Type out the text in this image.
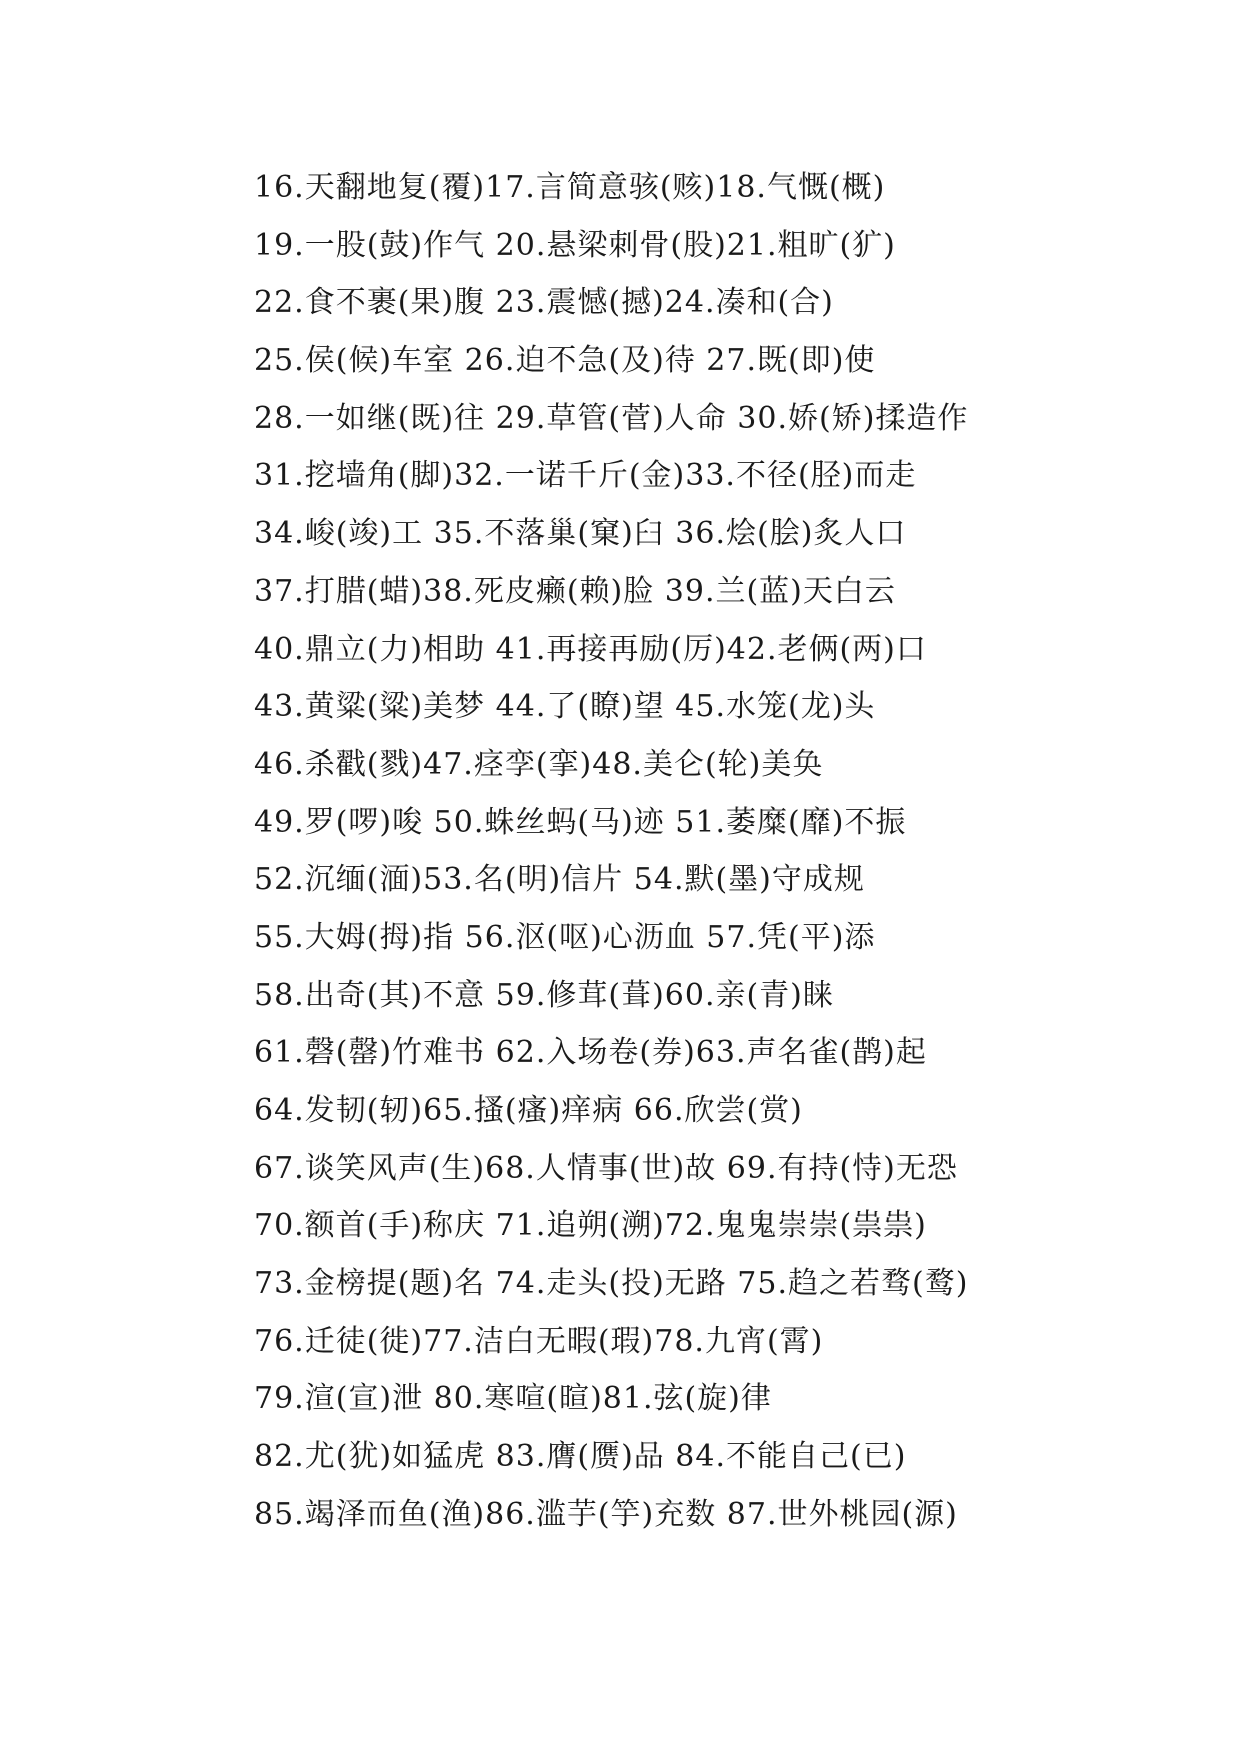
16.天翻地复(覆)17.言简意骇(赅)18.气慨(概)
19.一股(鼓)作气 20.悬梁刺骨(股)21.粗旷(犷)
22.食不裹(果)腹 23.震憾(撼)24.凑和(合)
25.侯(候)车室 26.迫不急(及)待 27.既(即)使
28.一如继(既)往 29.草管(菅)人命 30.娇(矫)揉造作
31.挖墙角(脚)32.一诺千斤(金)33.不径(胫)而走
34.峻(竣)工 35.不落巢(窠)臼 36.烩(脍)炙人口
37.打腊(蜡)38.死皮癞(赖)脸 39.兰(蓝)天白云
40.鼎立(力)相助 41.再接再励(厉)42.老俩(两)口
43.黄粱(粱)美梦 44.了(瞭)望 45.水笼(龙)头
46.杀戳(戮)47.痉孪(挛)48.美仑(轮)美奂
49.罗(啰)唆 50.蛛丝蚂(马)迹 51.萎糜(靡)不振
52.沉缅(湎)53.名(明)信片 54.默(墨)守成规
55.大姆(拇)指 56.沤(呕)心沥血 57.凭(平)添
58.出奇(其)不意 59.修茸(葺)60.亲(青)睐
61.磬(罄)竹难书 62.入场卷(券)63.声名雀(鹊)起
64.发韧(轫)65.搔(瘙)痒病 66.欣尝(赏)
67.谈笑风声(生)68.人情事(世)故 69.有持(恃)无恐
70.额首(手)称庆 71.追朔(溯)72.鬼鬼崇崇(祟祟)
73.金榜提(题)名 74.走头(投)无路 75.趋之若骛(鹜)
76.迁徒(徙)77.洁白无暇(瑕)78.九宵(霄)
79.渲(宣)泄 80.寒喧(暄)81.弦(旋)律
82.尤(犹)如猛虎 83.膺(赝)品 84.不能自己(已)
85.竭泽而鱼(渔)86.滥芋(竽)充数 87.世外桃园(源)
